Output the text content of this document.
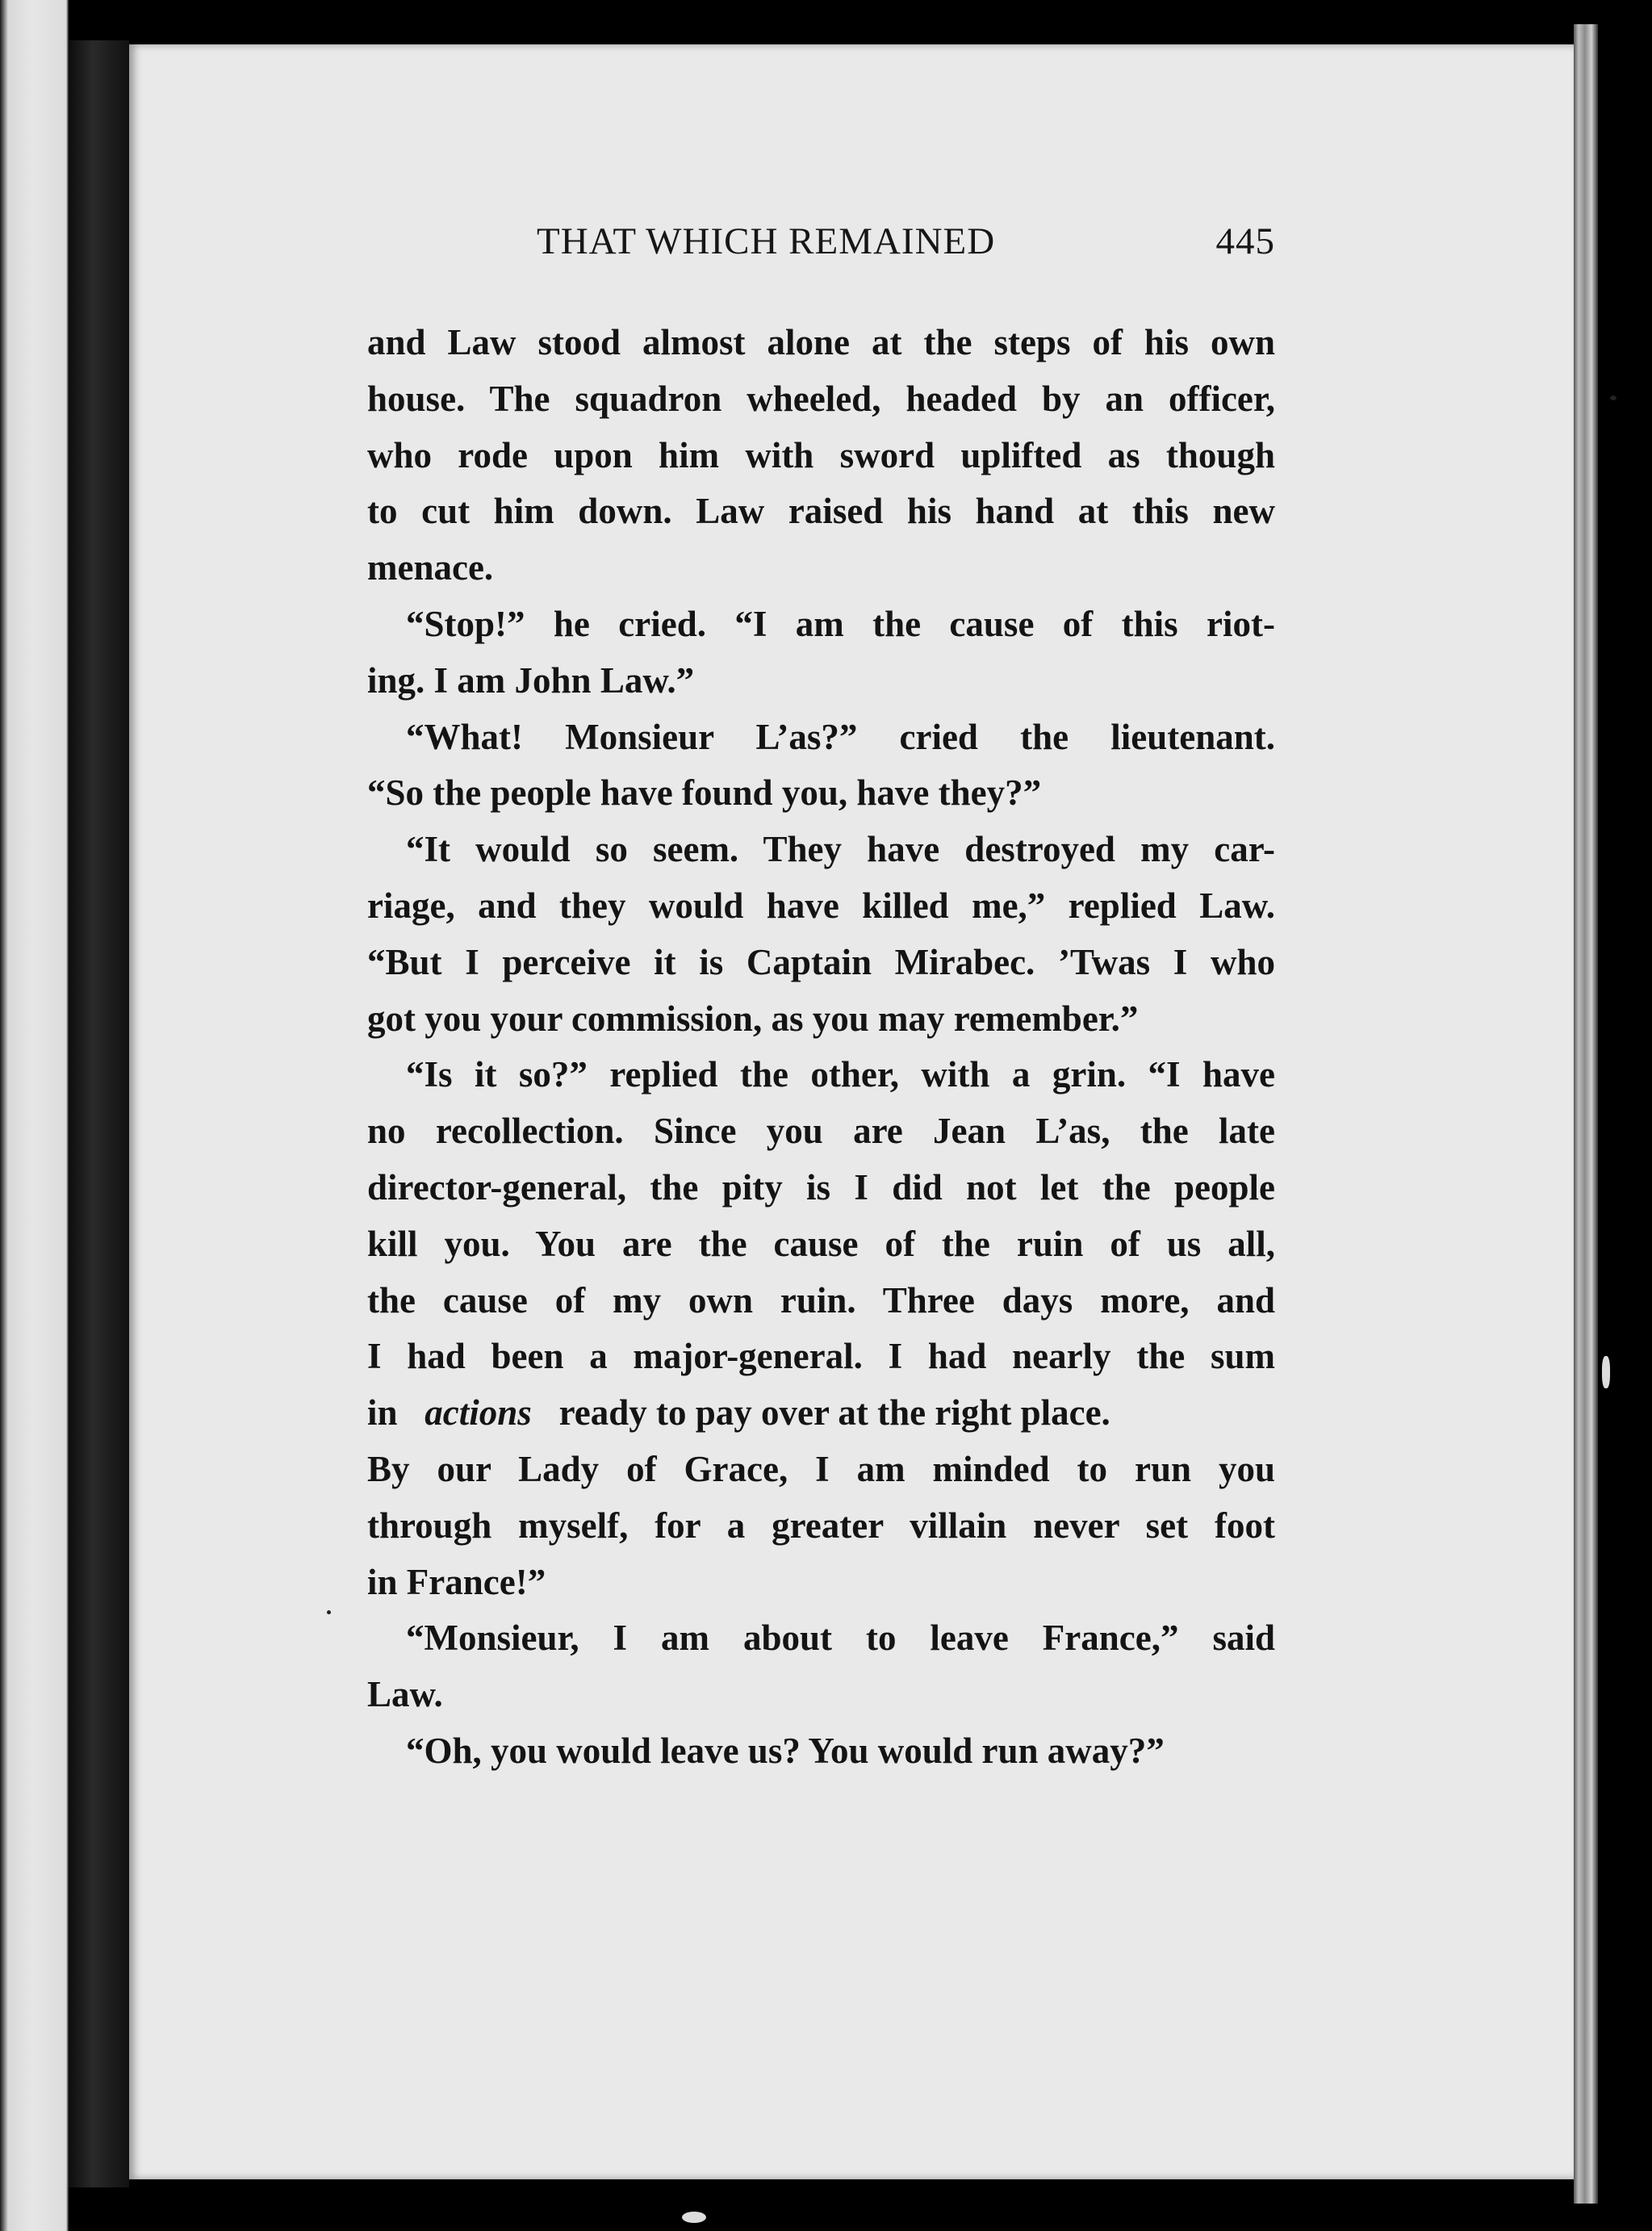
THAT WHICH REMAINED	445
and Law stood almost alone at the steps of his own
house. The squadron wheeled, headed by an officer,
who rode upon him with sword uplifted as though
to cut him down. Law raised his hand at this new
menace.
“Stop!” he cried. “I am the cause of this riot-
ing. I am John Law.”
“What! Monsieur L’as?” cried the lieutenant.
“So the people have found you, have they?”
“It would so seem. They have destroyed my car-
riage, and they would have killed me,” replied Law.
“But I perceive it is Captain Mirabec. ’Twas I who
got you your commission, as you may remember.”
“Is it so?” replied the other, with a grin. “I have
no recollection. Since you are Jean L’as, the late
director-general, the pity is I did not let the people
kill you. You are the cause of the ruin of us all,
the cause of my own ruin. Three days more, and
I had been a major-general. I had nearly the sum
in actions ready to pay over at the right place.
By our Lady of Grace, I am minded to run you
through myself, for a greater villain never set foot
in France!”
“Monsieur, I am about to leave France,” said
Law.
“Oh, you would leave us? You would run away?”
